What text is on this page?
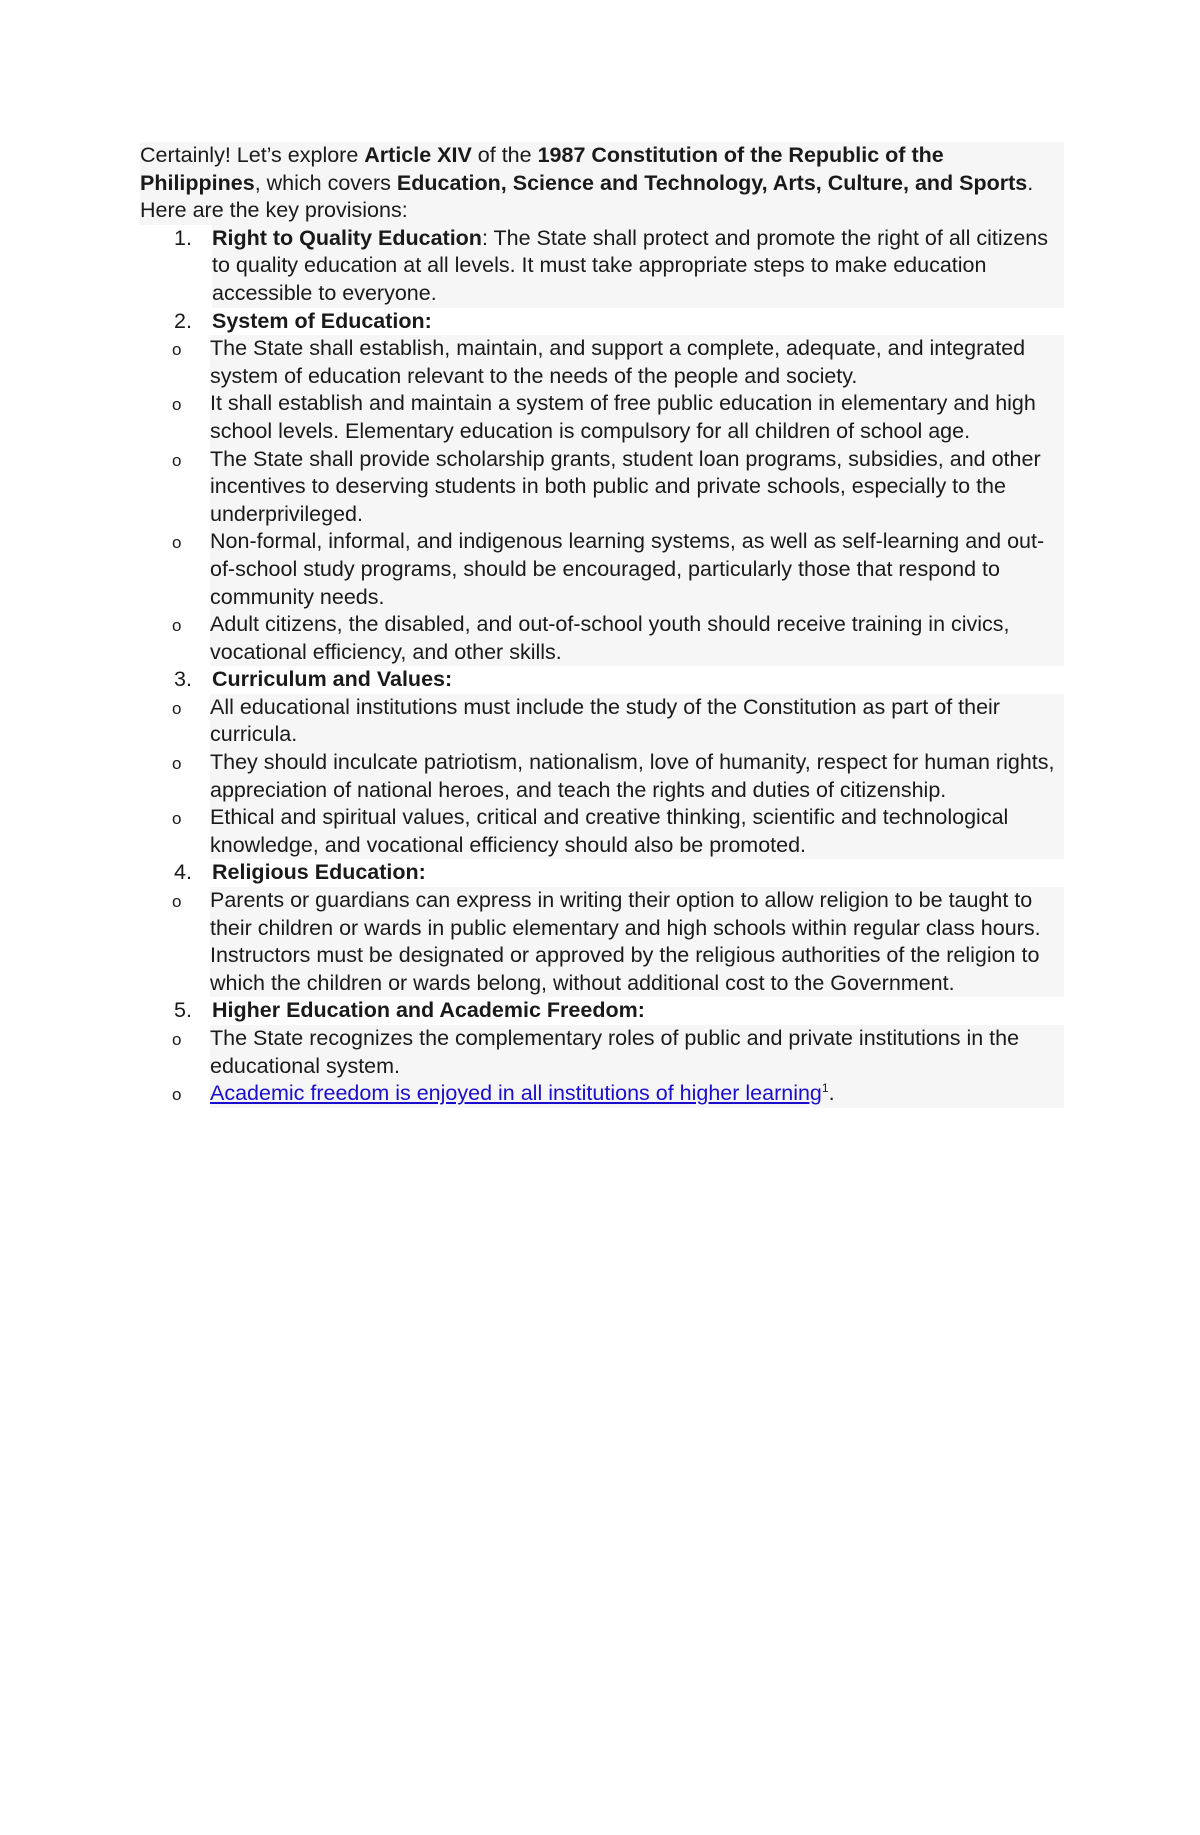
Certainly! Let’s explore Article XIV of the 1987 Constitution of the Republic of the Philippines, which covers Education, Science and Technology, Arts, Culture, and Sports. Here are the key provisions:

1. Right to Quality Education: The State shall protect and promote the right of all citizens to quality education at all levels. It must take appropriate steps to make education accessible to everyone.
2. System of Education:
o The State shall establish, maintain, and support a complete, adequate, and integrated system of education relevant to the needs of the people and society.
o It shall establish and maintain a system of free public education in elementary and high school levels. Elementary education is compulsory for all children of school age.
o The State shall provide scholarship grants, student loan programs, subsidies, and other incentives to deserving students in both public and private schools, especially to the underprivileged.
o Non-formal, informal, and indigenous learning systems, as well as self-learning and out-of-school study programs, should be encouraged, particularly those that respond to community needs.
o Adult citizens, the disabled, and out-of-school youth should receive training in civics, vocational efficiency, and other skills.
3. Curriculum and Values:
o All educational institutions must include the study of the Constitution as part of their curricula.
o They should inculcate patriotism, nationalism, love of humanity, respect for human rights, appreciation of national heroes, and teach the rights and duties of citizenship.
o Ethical and spiritual values, critical and creative thinking, scientific and technological knowledge, and vocational efficiency should also be promoted.
4. Religious Education:
o Parents or guardians can express in writing their option to allow religion to be taught to their children or wards in public elementary and high schools within regular class hours. Instructors must be designated or approved by the religious authorities of the religion to which the children or wards belong, without additional cost to the Government.
5. Higher Education and Academic Freedom:
o The State recognizes the complementary roles of public and private institutions in the educational system.
o Academic freedom is enjoyed in all institutions of higher learning$^1$.
